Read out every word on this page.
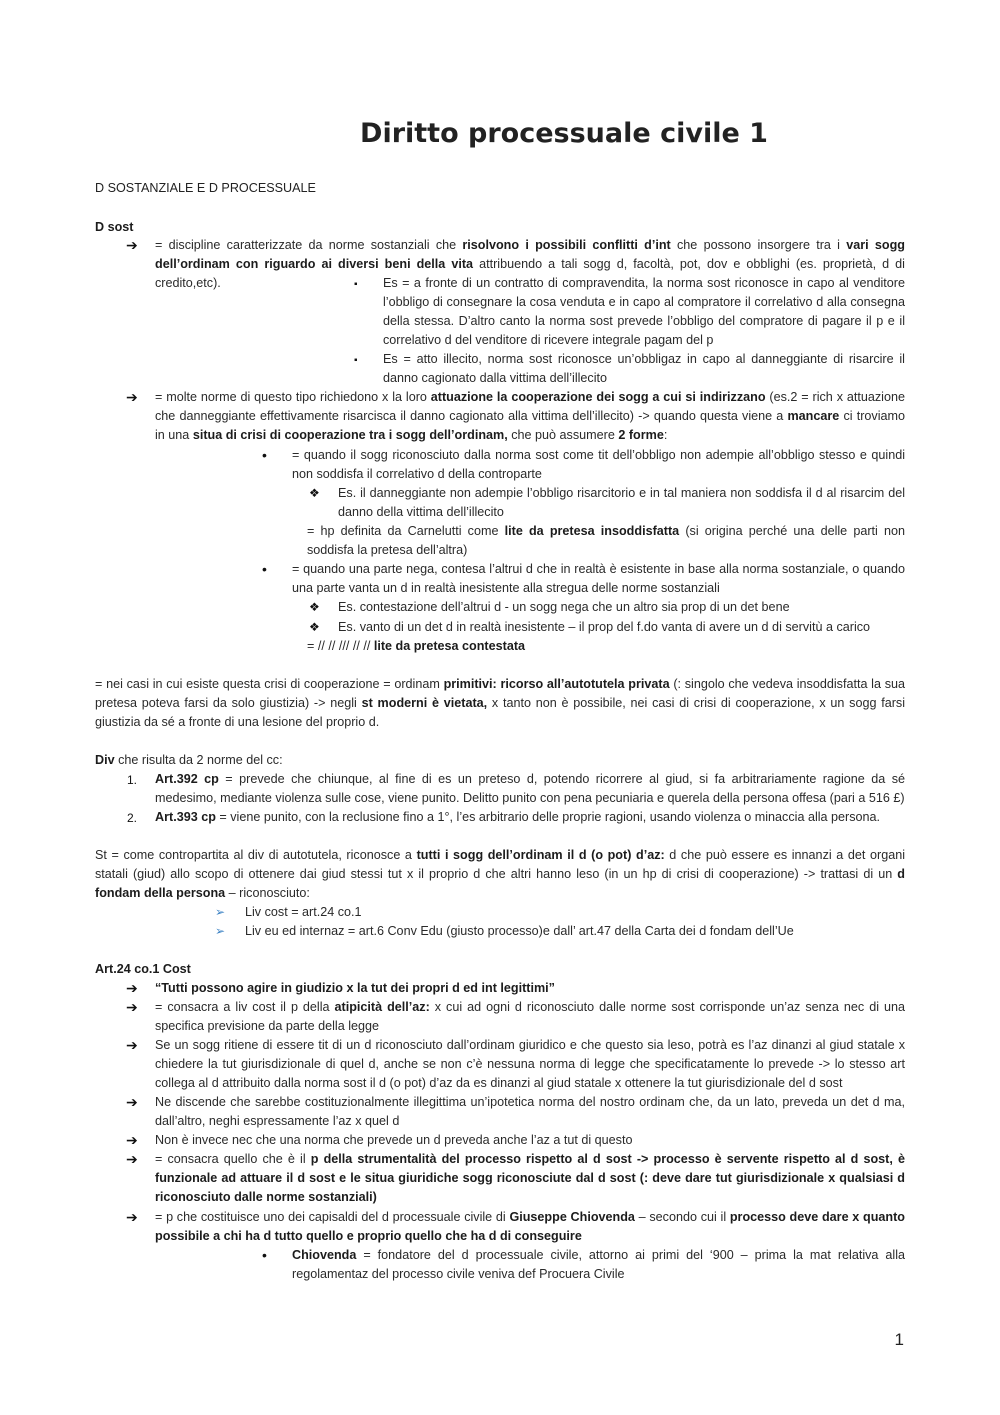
Diritto processuale civile 1
D SOSTANZIALE E D PROCESSUALE
D sost
➔ = discipline caratterizzate da norme sostanziali che risolvono i possibili conflitti d’int che possono insorgere tra i vari sogg dell’ordinam con riguardo ai diversi beni della vita attribuendo a tali sogg d, facoltà, pot, dov e obblighi (es. proprietà, d di credito,etc).	▪ Es = a fronte di un contratto di compravendita, la norma sost riconosce in capo al venditore l’obbligo di consegnare la cosa venduta e in capo al compratore il correlativo d alla consegna della stessa. D’altro canto la norma sost prevede l’obbligo del compratore di pagare il p e il correlativo d del venditore di ricevere integrale pagam del p
▪ Es = atto illecito, norma sost riconosce un’obbligaz in capo al danneggiante di risarcire il danno cagionato dalla vittima dell’illecito
➔ = molte norme di questo tipo richiedono x la loro attuazione la cooperazione dei sogg a cui si indirizzano (es.2 = rich x attuazione che danneggiante effettivamente risarcisca il danno cagionato alla vittima dell’illecito) -> quando questa viene a mancare ci troviamo in una situa di crisi di cooperazione tra i sogg dell’ordinam, che può assumere 2 forme:
• = quando il sogg riconosciuto dalla norma sost come tit dell’obbligo non adempie all’obbligo stesso e quindi non soddisfa il correlativo d della controparte
❖ Es. il danneggiante non adempie l’obbligo risarcitorio e in tal maniera non soddisfa il d al risarcim del danno della vittima dell’illecito
= hp definita da Carnelutti come lite da pretesa insoddisfatta (si origina perché una delle parti non soddisfa la pretesa dell’altra)
• = quando una parte nega, contesa l’altrui d che in realtà è esistente in base alla norma sostanziale, o quando una parte vanta un d in realtà inesistente alla stregua delle norme sostanziali
❖ Es. contestazione dell’altrui d - un sogg nega che un altro sia prop di un det bene
❖ Es. vanto di un det d in realtà inesistente – il prop del f.do vanta di avere un d di servitù a carico
= // // /// // // lite da pretesa contestata
= nei casi in cui esiste questa crisi di cooperazione = ordinam primitivi: ricorso all’autotutela privata (: singolo che vedeva insoddisfatta la sua pretesa poteva farsi da solo giustizia) -> negli st moderni è vietata, x tanto non è possibile, nei casi di crisi di cooperazione, x un sogg farsi giustizia da sé a fronte di una lesione del proprio d.
Div che risulta da 2 norme del cc:
1. Art.392 cp = prevede che chiunque, al fine di es un preteso d, potendo ricorrere al giud, si fa arbitrariamente ragione da sé medesimo, mediante violenza sulle cose, viene punito. Delitto punito con pena pecuniaria e querela della persona offesa (pari a 516 £)
2. Art.393 cp = viene punito, con la reclusione fino a 1°, l’es arbitrario delle proprie ragioni, usando violenza o minaccia alla persona.
St = come contropartita al div di autotutela, riconosce a tutti i sogg dell’ordinam il d (o pot) d’az: d che può essere es innanzi a det organi statali (giud) allo scopo di ottenere dai giud stessi tut x il proprio d che altri hanno leso (in un hp di crisi di cooperazione) -> trattasi di un d fondam della persona – riconosciuto:
➢ Liv cost = art.24 co.1
➢ Liv eu ed internaz = art.6 Conv Edu (giusto processo)e dall’ art.47 della Carta dei d fondam dell’Ue
Art.24 co.1 Cost
➔ “Tutti possono agire in giudizio x la tut dei propri d ed int legittimi”
➔ = consacra a liv cost il p della atipicità dell’az: x cui ad ogni d riconosciuto dalle norme sost corrisponde un’az senza nec di una specifica previsione da parte della legge
➔ Se un sogg ritiene di essere tit di un d riconosciuto dall’ordinam giuridico e che questo sia leso, potrà es l’az dinanzi al giud statale x chiedere la tut giurisdizionale di quel d, anche se non c’è nessuna norma di legge che specificatamente lo prevede -> lo stesso art collega al d attribuito dalla norma sost il d (o pot) d’az da es dinanzi al giud statale x ottenere la tut giurisdizionale del d sost
➔ Ne discende che sarebbe costituzionalmente illegittima un’ipotetica norma del nostro ordinam che, da un lato, preveda un det d ma, dall’altro, neghi espressamente l’az x quel d
➔ Non è invece nec che una norma che prevede un d preveda anche l’az a tut di questo
➔ = consacra quello che è il p della strumentalità del processo rispetto al d sost -> processo è servente rispetto al d sost, è funzionale ad attuare il d sost e le situa giuridiche sogg riconosciute dal d sost (: deve dare tut giurisdizionale x qualsiasi d riconosciuto dalle norme sostanziali)
➔ = p che costituisce uno dei capisaldi del d processuale civile di Giuseppe Chiovenda – secondo cui il processo deve dare x quanto possibile a chi ha d tutto quello e proprio quello che ha d di conseguire
• Chiovenda = fondatore del d processuale civile, attorno ai primi del ‘900 – prima la mat relativa alla regolamentaz del processo civile veniva def Procuera Civile
1
